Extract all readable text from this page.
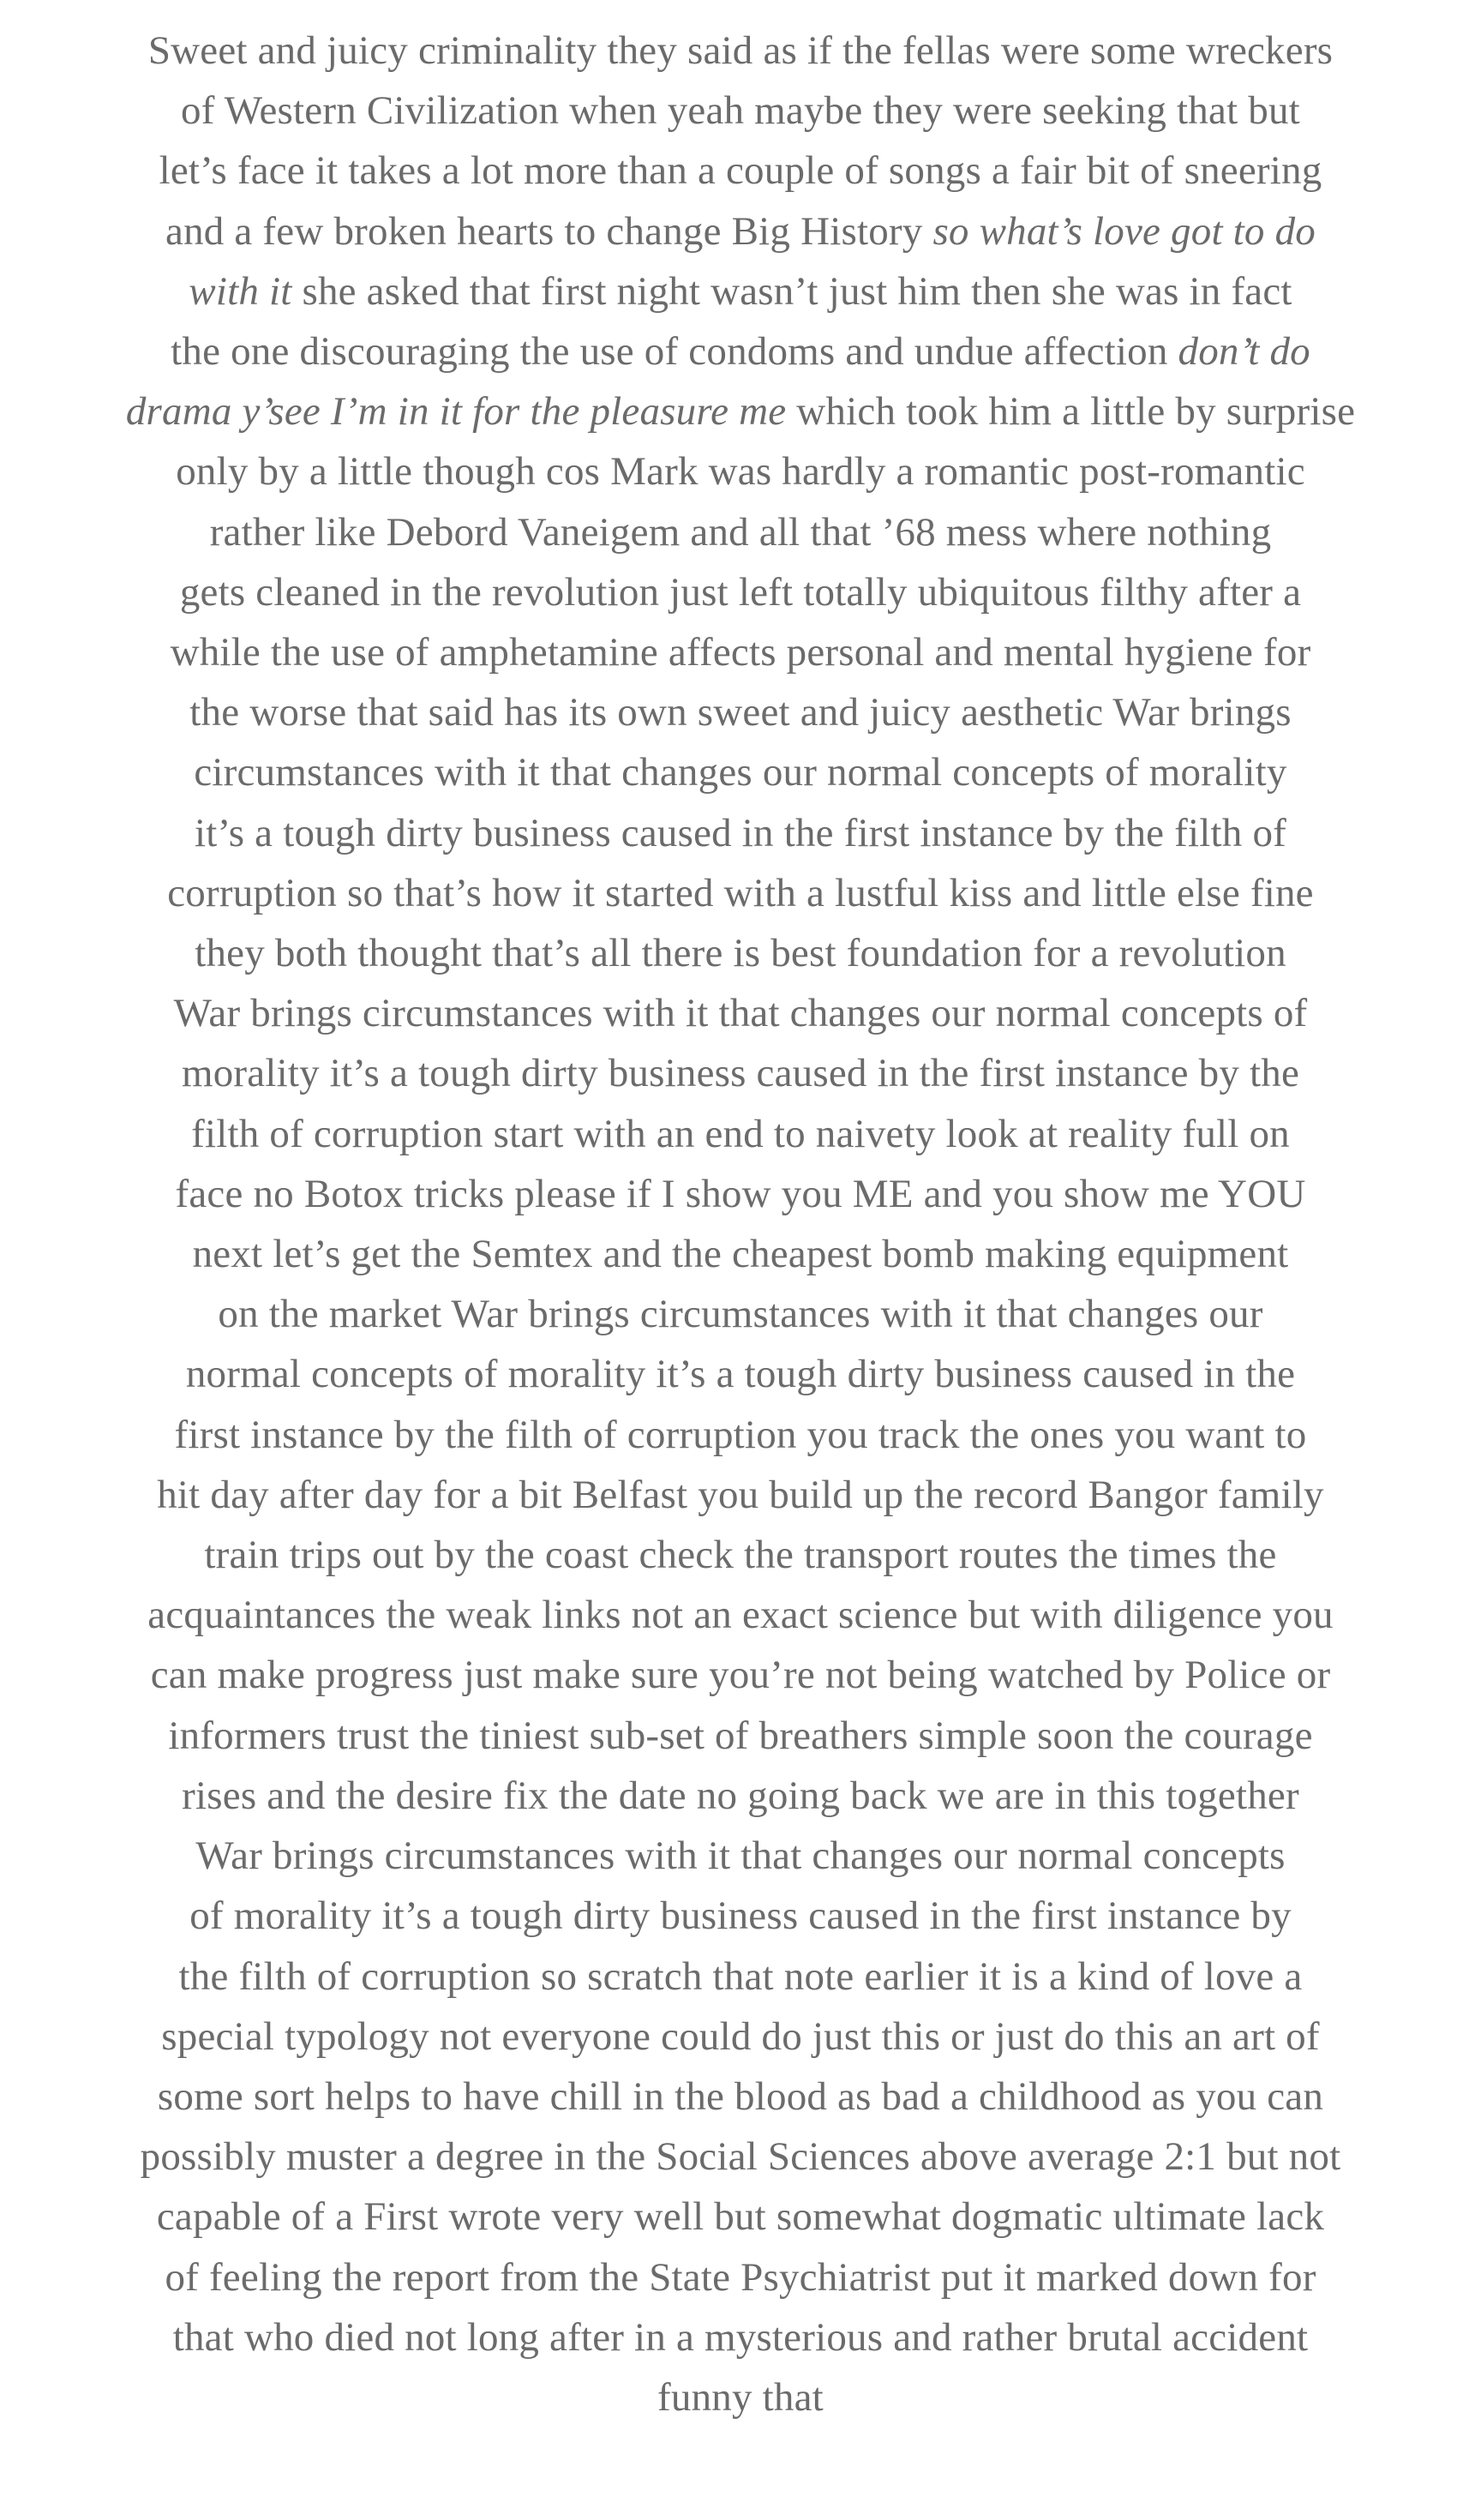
Sweet and juicy criminality they said as if the fellas were some wreckers
of Western Civilization when yeah maybe they were seeking that but
let’s face it takes a lot more than a couple of songs a fair bit of sneering
and a few broken hearts to change Big History so what’s love got to do
with it she asked that first night wasn’t just him then she was in fact
the one discouraging the use of condoms and undue affection don’t do
drama y’see I’m in it for the pleasure me which took him a little by surprise
only by a little though cos Mark was hardly a romantic post-romantic
rather like Debord Vaneigem and all that ’68 mess where nothing
gets cleaned in the revolution just left totally ubiquitous filthy after a
while the use of amphetamine affects personal and mental hygiene for
the worse that said has its own sweet and juicy aesthetic War brings
circumstances with it that changes our normal concepts of morality
it’s a tough dirty business caused in the first instance by the filth of
corruption so that’s how it started with a lustful kiss and little else fine
they both thought that’s all there is best foundation for a revolution
War brings circumstances with it that changes our normal concepts of
morality it’s a tough dirty business caused in the first instance by the
filth of corruption start with an end to naivety look at reality full on
face no Botox tricks please if I show you ME and you show me YOU
next let’s get the Semtex and the cheapest bomb making equipment
on the market War brings circumstances with it that changes our
normal concepts of morality it’s a tough dirty business caused in the
first instance by the filth of corruption you track the ones you want to
hit day after day for a bit Belfast you build up the record Bangor family
train trips out by the coast check the transport routes the times the
acquaintances the weak links not an exact science but with diligence you
can make progress just make sure you’re not being watched by Police or
informers trust the tiniest sub-set of breathers simple soon the courage
rises and the desire fix the date no going back we are in this together
War brings circumstances with it that changes our normal concepts
of morality it’s a tough dirty business caused in the first instance by
the filth of corruption so scratch that note earlier it is a kind of love a
special typology not everyone could do just this or just do this an art of
some sort helps to have chill in the blood as bad a childhood as you can
possibly muster a degree in the Social Sciences above average 2:1 but not
capable of a First wrote very well but somewhat dogmatic ultimate lack
of feeling the report from the State Psychiatrist put it marked down for
that who died not long after in a mysterious and rather brutal accident
funny that
